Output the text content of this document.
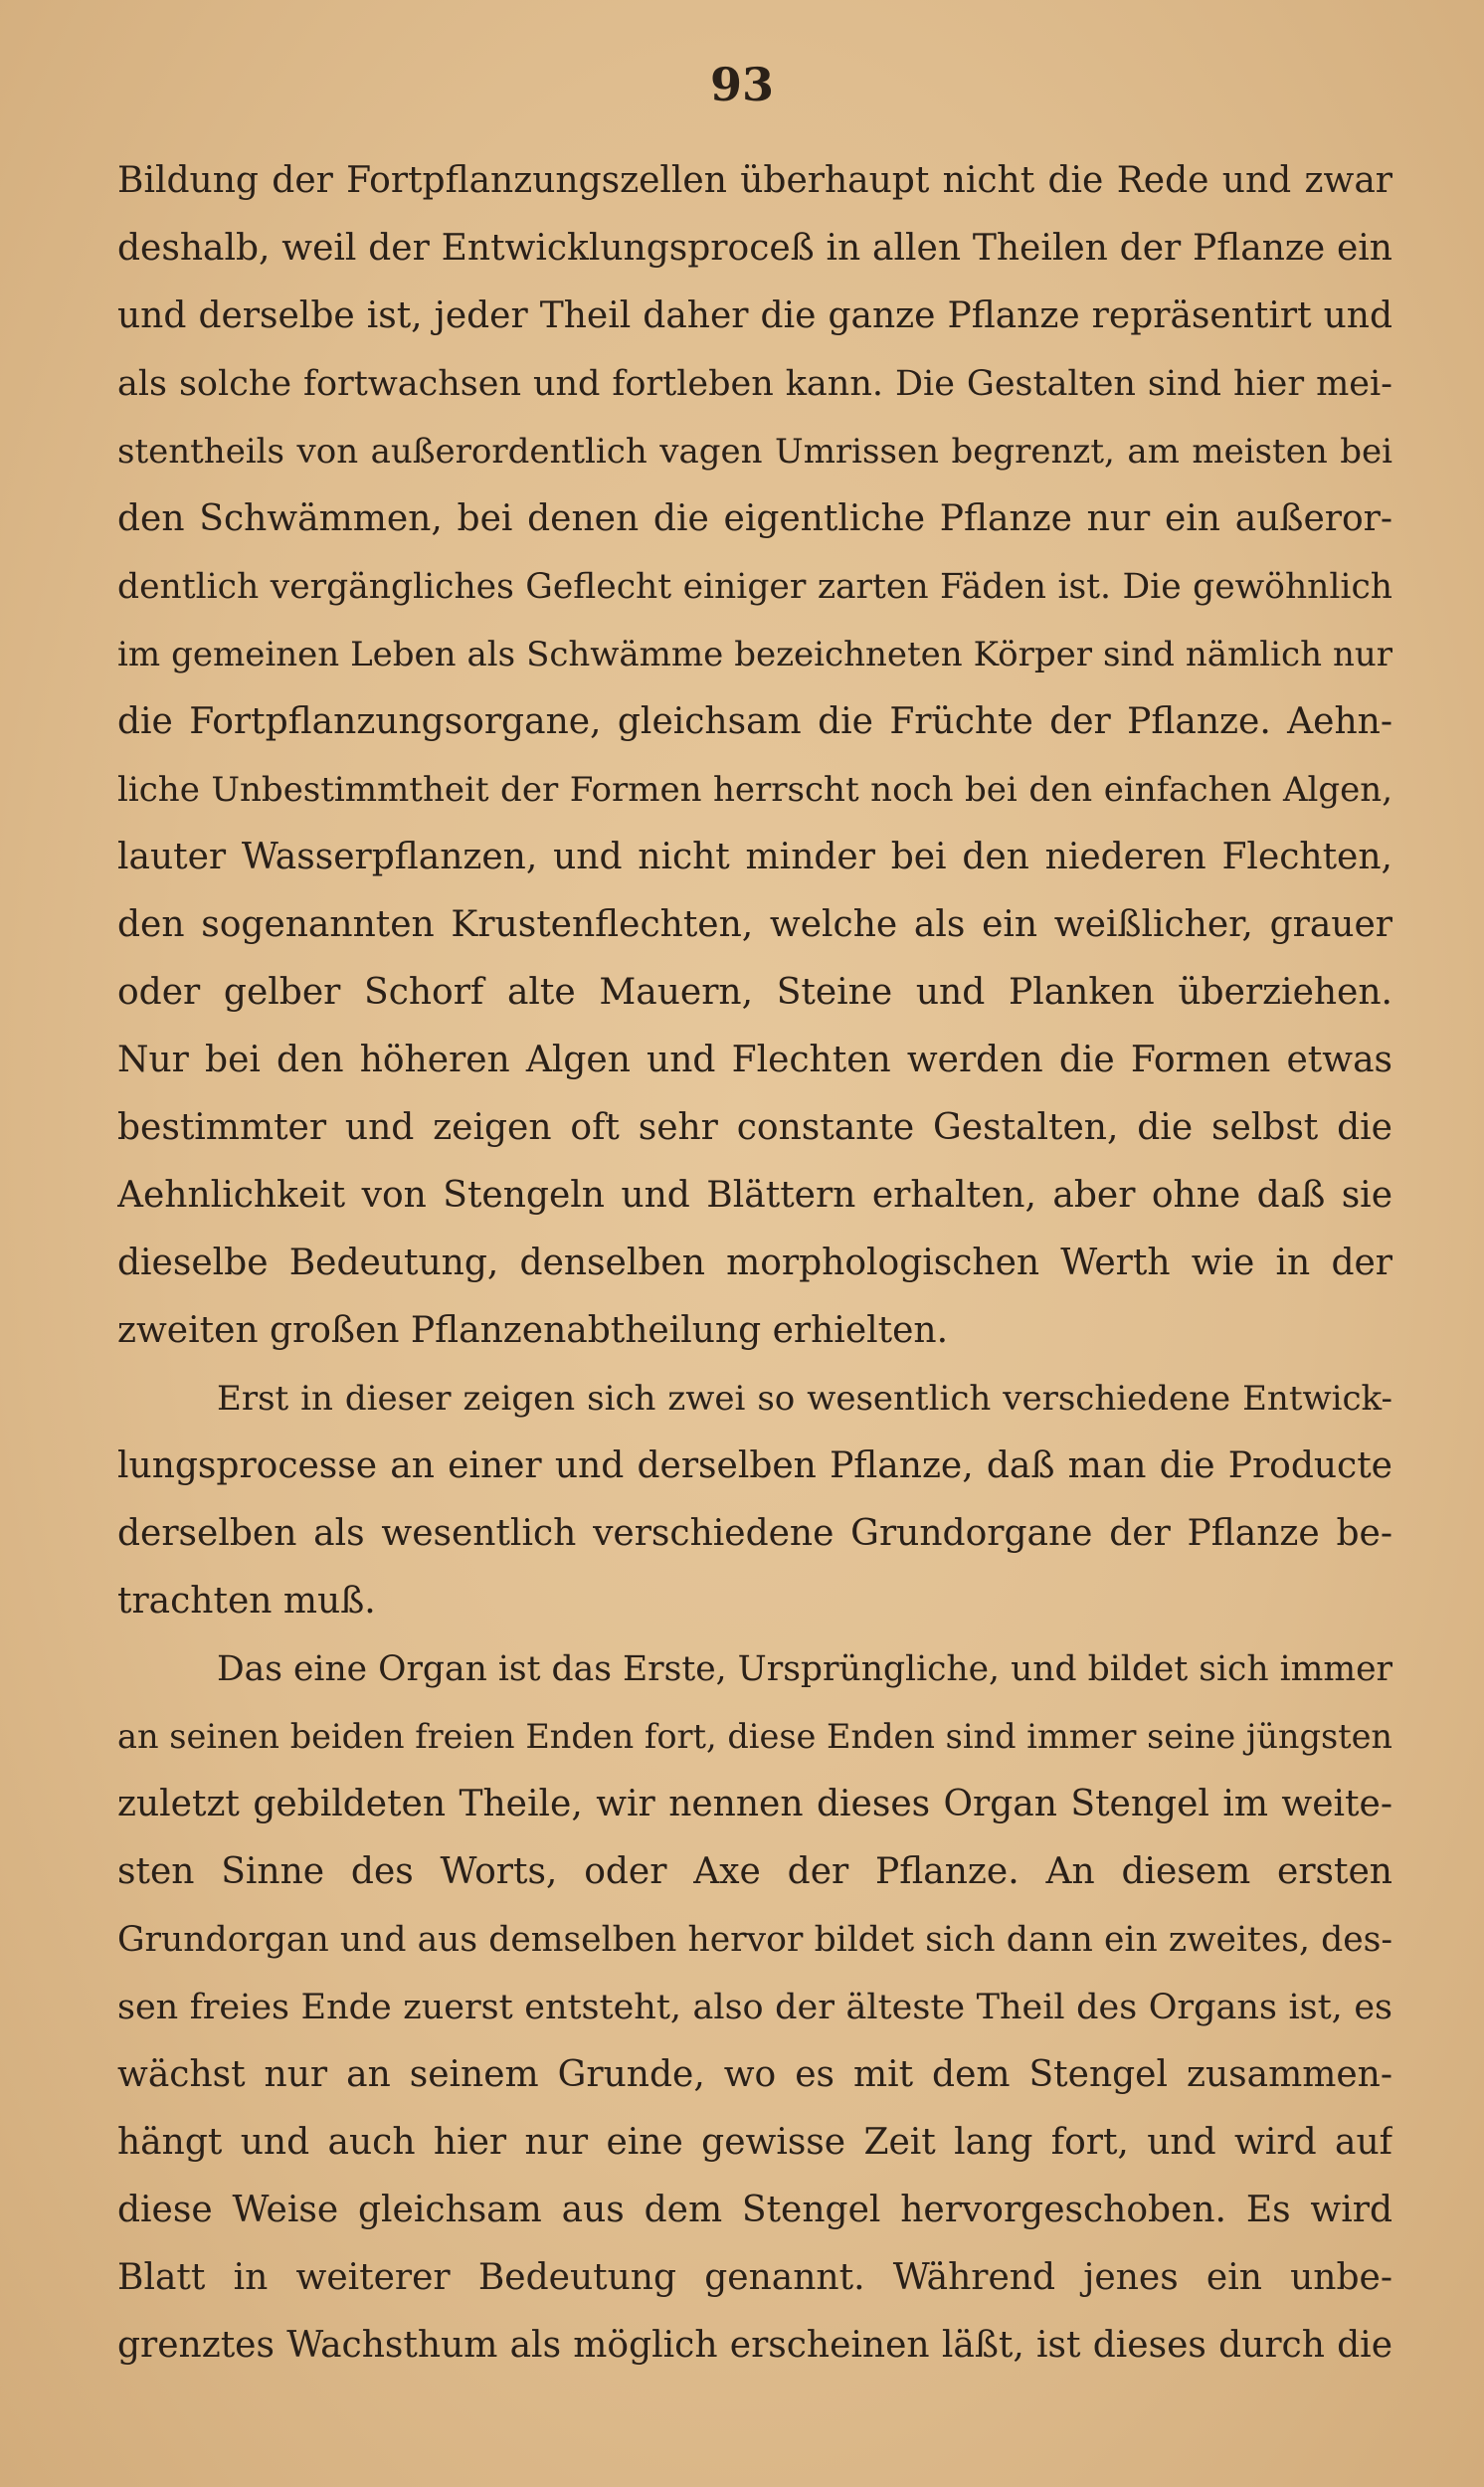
93
Bildung der Fortpflanzungszellen überhaupt nicht die Rede und zwar
deshalb, weil der Entwicklungsproceß in allen Theilen der Pflanze ein
und derselbe ist, jeder Theil daher die ganze Pflanze repräsentirt und
als solche fortwachsen und fortleben kann. Die Gestalten sind hier mei-
stentheils von außerordentlich vagen Umrissen begrenzt, am meisten bei
den Schwämmen, bei denen die eigentliche Pflanze nur ein außeror-
dentlich vergängliches Geflecht einiger zarten Fäden ist. Die gewöhnlich
im gemeinen Leben als Schwämme bezeichneten Körper sind nämlich nur
die Fortpflanzungsorgane, gleichsam die Früchte der Pflanze. Aehn-
liche Unbestimmtheit der Formen herrscht noch bei den einfachen Algen,
lauter Wasserpflanzen, und nicht minder bei den niederen Flechten,
den sogenannten Krustenflechten, welche als ein weißlicher, grauer
oder gelber Schorf alte Mauern, Steine und Planken überziehen.
Nur bei den höheren Algen und Flechten werden die Formen etwas
bestimmter und zeigen oft sehr constante Gestalten, die selbst die
Aehnlichkeit von Stengeln und Blättern erhalten, aber ohne daß sie
dieselbe Bedeutung, denselben morphologischen Werth wie in der
zweiten großen Pflanzenabtheilung erhielten.
Erst in dieser zeigen sich zwei so wesentlich verschiedene Entwick-
lungsprocesse an einer und derselben Pflanze, daß man die Producte
derselben als wesentlich verschiedene Grundorgane der Pflanze be-
trachten muß.
Das eine Organ ist das Erste, Ursprüngliche, und bildet sich immer
an seinen beiden freien Enden fort, diese Enden sind immer seine jüngsten
zuletzt gebildeten Theile, wir nennen dieses Organ Stengel im weite-
sten Sinne des Worts, oder Axe der Pflanze. An diesem ersten
Grundorgan und aus demselben hervor bildet sich dann ein zweites, des-
sen freies Ende zuerst entsteht, also der älteste Theil des Organs ist, es
wächst nur an seinem Grunde, wo es mit dem Stengel zusammen-
hängt und auch hier nur eine gewisse Zeit lang fort, und wird auf
diese Weise gleichsam aus dem Stengel hervorgeschoben. Es wird
Blatt in weiterer Bedeutung genannt. Während jenes ein unbe-
grenztes Wachsthum als möglich erscheinen läßt, ist dieses durch die
